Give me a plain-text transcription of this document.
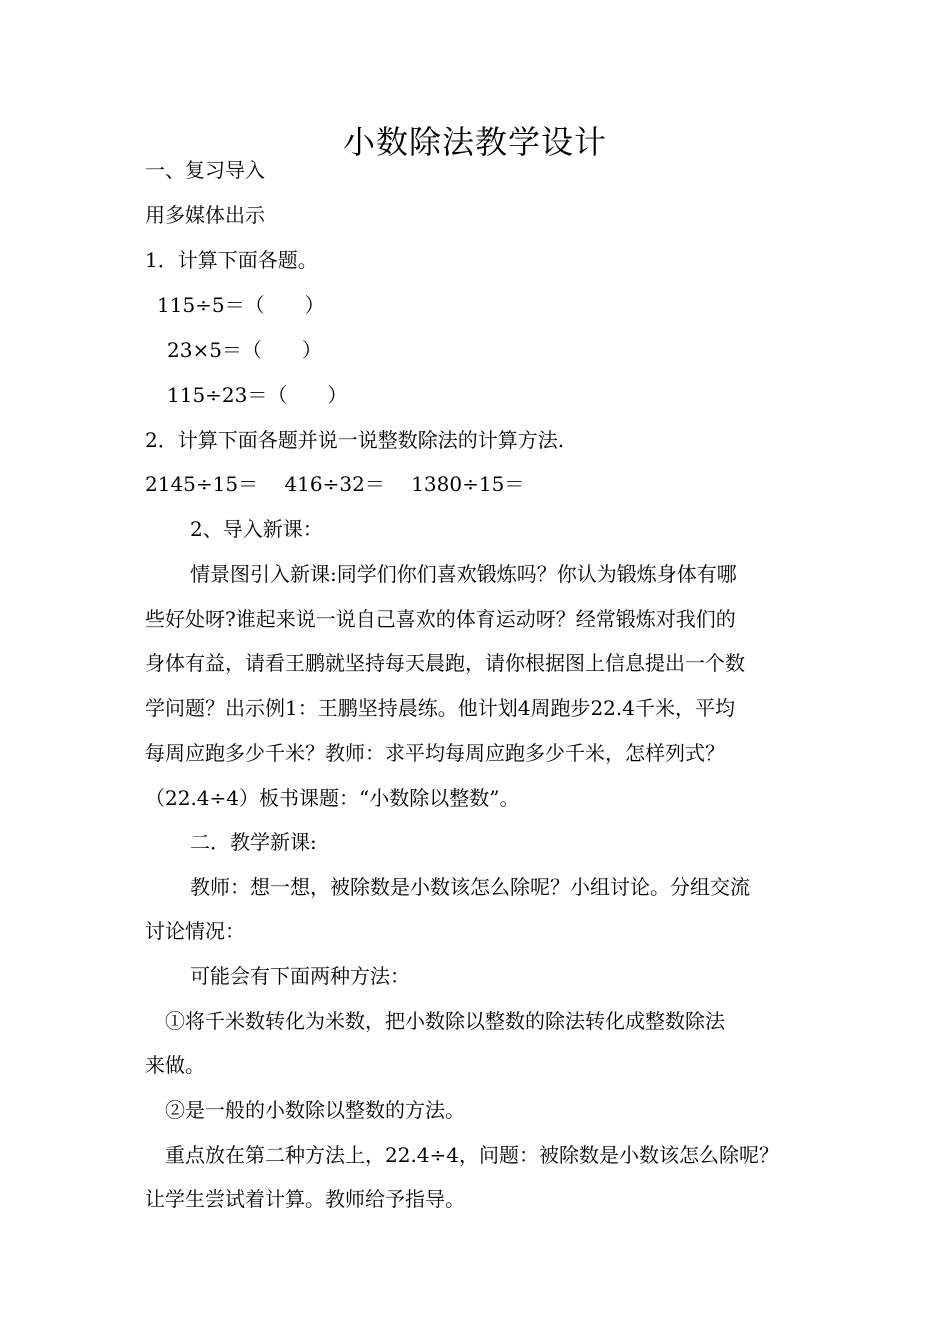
小数除法教学设计

一、复习导入

用多媒体出示

1．计算下面各题。

115÷5＝（　　）

23×5＝（　　）

115÷23＝（　　）

2．计算下面各题并说一说整数除法的计算方法.

2145÷15＝　 416÷32＝　 1380÷15＝

2、导入新课：

情景图引入新课:同学们你们喜欢锻炼吗？你认为锻炼身体有哪

些好处呀?谁起来说一说自己喜欢的体育运动呀？经常锻炼对我们的

身体有益，请看王鹏就坚持每天晨跑，请你根据图上信息提出一个数

学问题？出示例1：王鹏坚持晨练。他计划4周跑步22.4千米，平均

每周应跑多少千米？教师：求平均每周应跑多少千米，怎样列式？

（22.4÷4）板书课题：“小数除以整数”。

二．教学新课:

教师：想一想，被除数是小数该怎么除呢？小组讨论。分组交流

讨论情况：

可能会有下面两种方法：

①将千米数转化为米数，把小数除以整数的除法转化成整数除法

来做。

②是一般的小数除以整数的方法。

重点放在第二种方法上，22.4÷4，问题：被除数是小数该怎么除呢？

让学生尝试着计算。教师给予指导。
